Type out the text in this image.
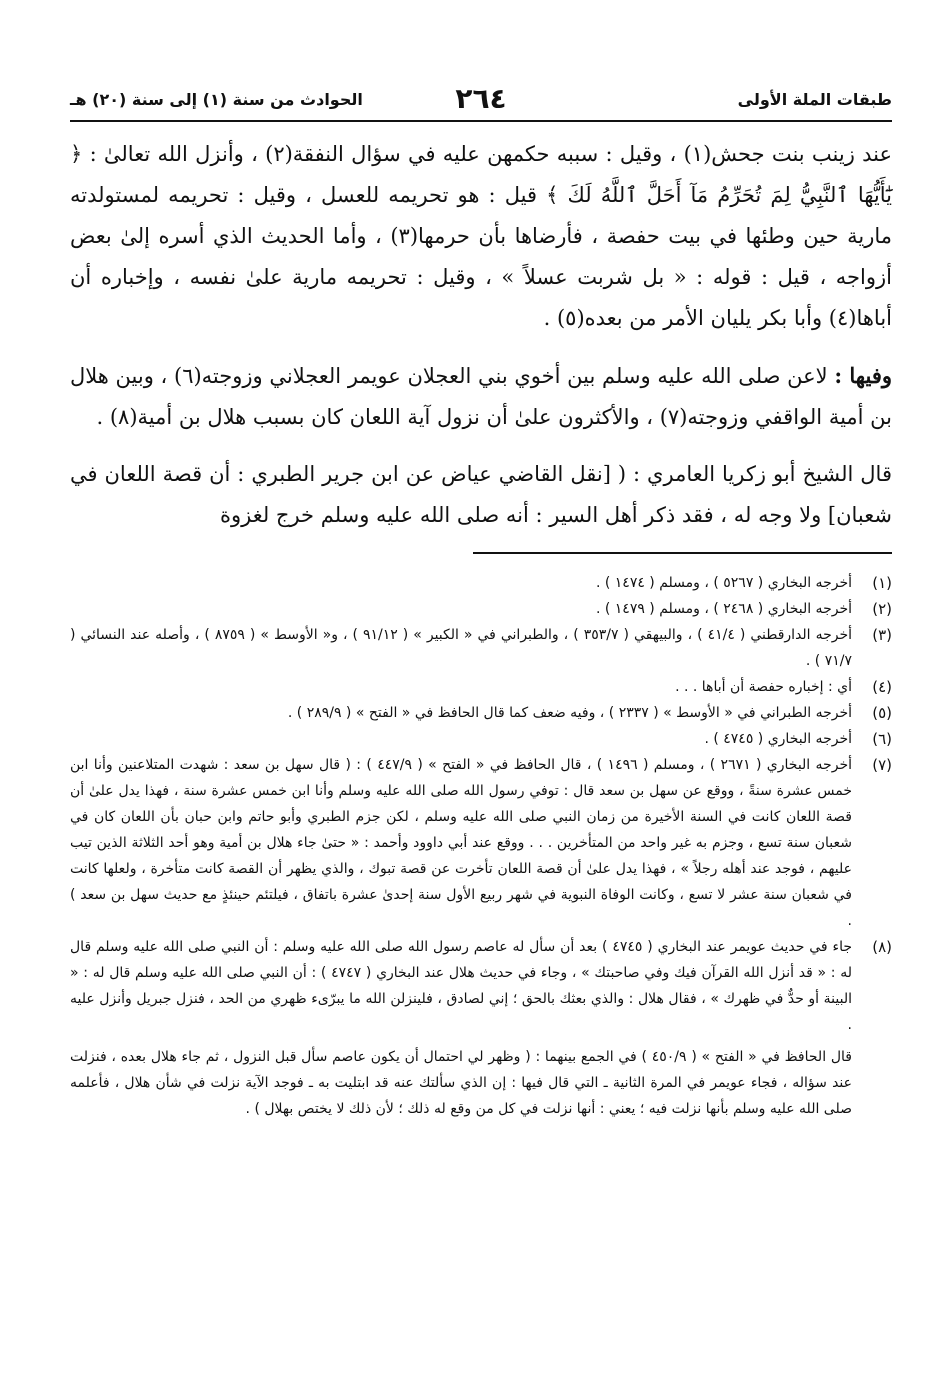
طبقات الملة الأولى
٢٦٤
الحوادث من سنة (١) إلى سنة (٢٠) هـ

عند زينب بنت جحش(١) ، وقيل : سببه حكمهن عليه في سؤال النفقة(٢) ، وأنزل الله تعالىٰ : ﴿ يَٰٓأَيُّهَا ٱلنَّبِيُّ لِمَ تُحَرِّمُ مَآ أَحَلَّ ٱللَّهُ لَكَ ﴾ قيل : هو تحريمه للعسل ، وقيل : تحريمه لمستولدته مارية حين وطئها في بيت حفصة ، فأرضاها بأن حرمها(٣) ، وأما الحديث الذي أسره إلىٰ بعض أزواجه ، قيل : قوله : « بل شربت عسلاً » ، وقيل : تحريمه مارية علىٰ نفسه ، وإخباره أن أباها(٤) وأبا بكر يليان الأمر من بعده(٥) .

وفيها : لاعن صلى الله عليه وسلم بين أخوي بني العجلان عويمر العجلاني وزوجته(٦) ، وبين هلال بن أمية الواقفي وزوجته(٧) ، والأكثرون علىٰ أن نزول آية اللعان كان بسبب هلال بن أمية(٨) .

قال الشيخ أبو زكريا العامري : ( [نقل القاضي عياض عن ابن جرير الطبري : أن قصة اللعان في شعبان] ولا وجه له ، فقد ذكر أهل السير : أنه صلى الله عليه وسلم خرج لغزوة

(١)
أخرجه البخاري ( ٥٢٦٧ ) ، ومسلم ( ١٤٧٤ ) .
(٢)
أخرجه البخاري ( ٢٤٦٨ ) ، ومسلم ( ١٤٧٩ ) .
(٣)
أخرجه الدارقطني ( ٤١/٤ ) ، والبيهقي ( ٣٥٣/٧ ) ، والطبراني في « الكبير » ( ٩١/١٢ ) ، و« الأوسط » ( ٨٧٥٩ ) ، وأصله عند النسائي ( ٧١/٧ ) .
(٤)
أي : إخباره حفصة أن أباها . . .
(٥)
أخرجه الطبراني في « الأوسط » ( ٢٣٣٧ ) ، وفيه ضعف كما قال الحافظ في « الفتح » ( ٢٨٩/٩ ) .
(٦)
أخرجه البخاري ( ٤٧٤٥ ) .
(٧)
أخرجه البخاري ( ٢٦٧١ ) ، ومسلم ( ١٤٩٦ ) ، قال الحافظ في « الفتح » ( ٤٤٧/٩ ) : ( قال سهل بن سعد : شهدت المتلاعنين وأنا ابن خمس عشرة سنةً ، ووقع عن سهل بن سعد قال : توفي رسول الله صلى الله عليه وسلم وأنا ابن خمس عشرة سنة ، فهذا يدل علىٰ أن قصة اللعان كانت في السنة الأخيرة من زمان النبي صلى الله عليه وسلم ، لكن جزم الطبري وأبو حاتم وابن حبان بأن اللعان كان في شعبان سنة تسع ، وجزم به غير واحد من المتأخرين . . . ووقع عند أبي داوود وأحمد : « حتىٰ جاء هلال بن أمية وهو أحد الثلاثة الذين تيب عليهم ، فوجد عند أهله رجلاً » ، فهذا يدل علىٰ أن قصة اللعان تأخرت عن قصة تبوك ، والذي يظهر أن القصة كانت متأخرة ، ولعلها كانت في شعبان سنة عشر لا تسع ، وكانت الوفاة النبوية في شهر ربيع الأول سنة إحدىٰ عشرة باتفاق ، فيلتئم حينئذٍ مع حديث سهل بن سعد ) .
(٨)
جاء في حديث عويمر عند البخاري ( ٤٧٤٥ ) بعد أن سأل له عاصم رسول الله صلى الله عليه وسلم : أن النبي صلى الله عليه وسلم قال له : « قد أنزل الله القرآن فيك وفي صاحبتك » ، وجاء في حديث هلال عند البخاري ( ٤٧٤٧ ) : أن النبي صلى الله عليه وسلم قال له : « البينة أو حدٌّ في ظهرك » ، فقال هلال : والذي بعثك بالحق ؛ إني لصادق ، فلينزلن الله ما يبرّىء ظهري من الحد ، فنزل جبريل وأنزل عليه .
قال الحافظ في « الفتح » ( ٤٥٠/٩ ) في الجمع بينهما : ( وظهر لي احتمال أن يكون عاصم سأل قبل النزول ، ثم جاء هلال بعده ، فنزلت عند سؤاله ، فجاء عويمر في المرة الثانية ـ التي قال فيها : إن الذي سألتك عنه قد ابتليت به ـ فوجد الآية نزلت في شأن هلال ، فأعلمه صلى الله عليه وسلم بأنها نزلت فيه ؛ يعني : أنها نزلت في كل من وقع له ذلك ؛ لأن ذلك لا يختص بهلال ) .
